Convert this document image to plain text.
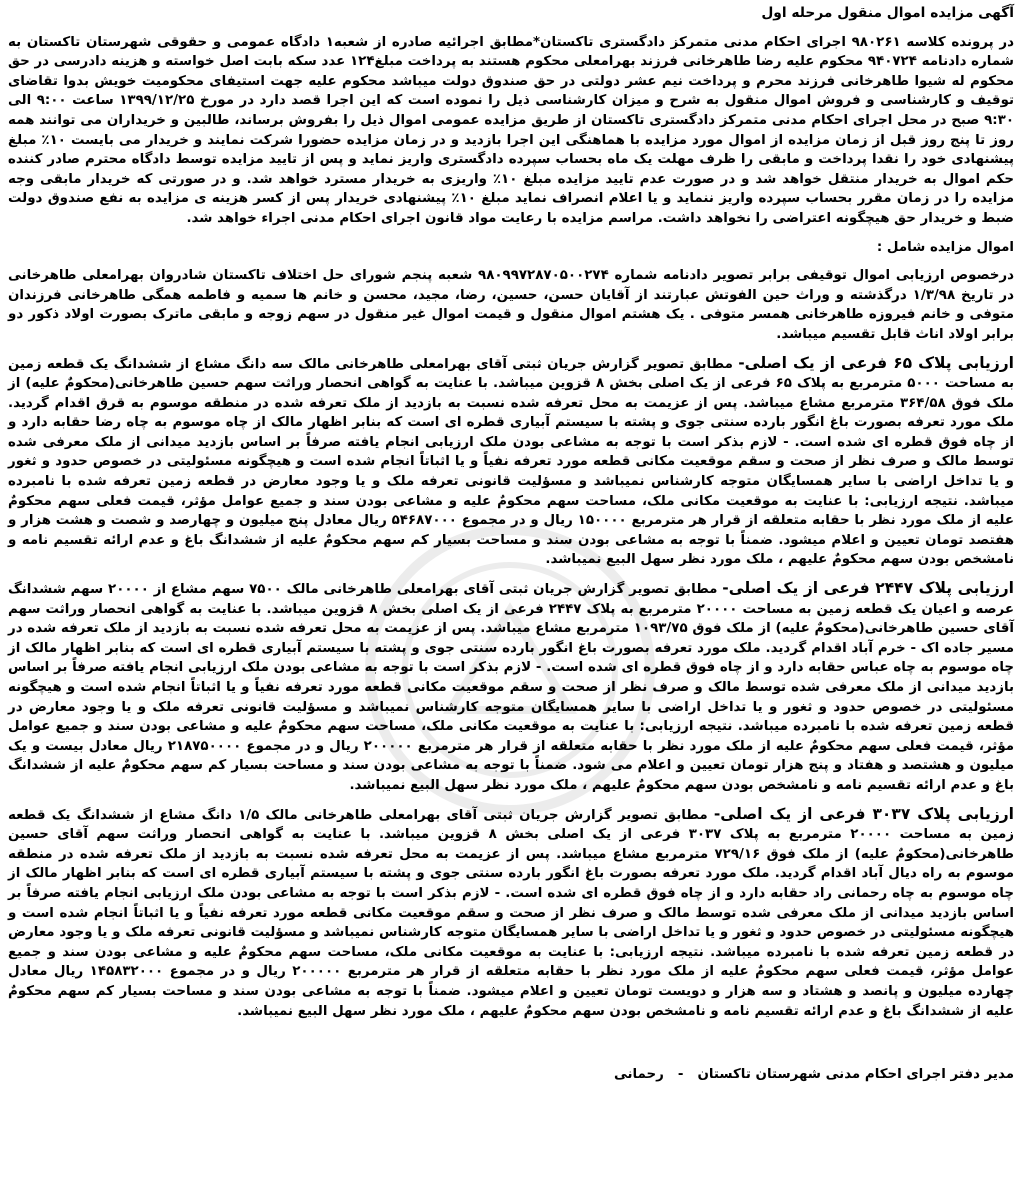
آگهی مزایده اموال منقول مرحله اول
در پرونده کلاسه ۹۸۰۲۶۱ اجرای احکام مدنی متمرکز دادگستری تاکستان*مطابق اجرائیه صادره از شعبه۱ دادگاه عمومی و حقوقی شهرستان تاکستان به شماره دادنامه ۹۴۰۷۲۴ محکوم علیه رضا طاهرخانی فرزند بهرامعلی محکوم هستند به پرداخت مبلغ۱۲۴ عدد سکه بابت اصل خواسته و هزینه دادرسی در حق محکوم له شیوا طاهرخانی فرزند محرم و پرداخت نیم عشر دولتی در حق صندوق دولت میباشد محکوم علیه جهت استیفای محکومیت خویش بدوا تقاضای توقیف و کارشناسی و فروش اموال منقول به شرح و میزان کارشناسی ذیل را نموده است که این اجرا قصد دارد در مورخ ۱۳۹۹/۱۲/۲۵ ساعت ۹:۰۰ الی ۹:۳۰ صبح در محل اجرای احکام مدنی متمرکز دادگستری تاکستان از طریق مزایده عمومی اموال ذیل را بفروش برساند، طالبین و خریداران می توانند همه روز تا پنج روز قبل از زمان مزایده از اموال مورد مزایده با هماهنگی این اجرا بازدید و در زمان مزایده حضورا شرکت نمایند و خریدار می بایست ۱۰٪ مبلغ پیشنهادی خود را نقدا پرداخت و مابقی را ظرف مهلت یک ماه بحساب سپرده دادگستری واریز نماید و پس از تایید مزایده توسط دادگاه محترم صادر کننده حکم اموال به خریدار منتقل خواهد شد و در صورت عدم تایید مزایده مبلغ ۱۰٪ واریزی به خریدار مسترد خواهد شد. و در صورتی که خریدار مابقی وجه مزایده را در زمان مقرر بحساب سپرده واریز ننماید و یا اعلام انصراف نماید مبلغ ۱۰٪ پیشنهادی خریدار پس از کسر هزینه ی مزایده به نفع صندوق دولت ضبط و خریدار حق هیچگونه اعتراضی را نخواهد داشت. مراسم مزایده با رعایت مواد قانون اجرای احکام مدنی اجراء خواهد شد.
اموال مزایده شامل :
درخصوص ارزیابی اموال توقیفی برابر تصویر دادنامه شماره ۹۸۰۹۹۷۲۸۷۰۵۰۰۲۷۴ شعبه پنجم شورای حل اختلاف تاکستان شادروان بهرامعلی طاهرخانی در تاریخ ۱/۳/۹۸ درگذشته و وراث حین الفوتش عبارتند از آقایان حسن، حسین، رضا، مجید، محسن و خانم ها سمیه و فاطمه همگی طاهرخانی فرزندان متوفی و خانم فیروزه طاهرخانی همسر متوفی . یک هشتم اموال منقول و قیمت اموال غیر منقول در سهم زوجه و مابقی ماترک بصورت اولاد ذکور دو برابر اولاد اناث قابل تقسیم میباشد.
ارزیابی پلاک ۶۵ فرعی از یک اصلی- مطابق تصویر گزارش جریان ثبتی آقای بهرامعلی طاهرخانی مالک سه دانگ مشاع از ششدانگ یک قطعه زمین به مساحت ۵۰۰۰ مترمربع به پلاک ۶۵ فرعی از یک اصلی بخش ۸ قزوین میباشد. با عنایت به گواهی انحصار وراثت سهم حسین طاهرخانی(محکومٌ علیه) از ملک فوق ۳۶۴/۵۸ مترمربع مشاع میباشد. پس از عزیمت به محل تعرفه شده نسبت به بازدید از ملک تعرفه شده در منطقه موسوم به قرق اقدام گردید. ملک مورد تعرفه بصورت باغ انگور بارده سنتی جوی و پشته با سیستم آبیاری قطره ای است که بنابر اظهار مالک از چاه موسوم به چاه رضا حقابه دارد و از چاه فوق قطره ای شده است. - لازم بذکر است با توجه به مشاعی بودن ملک ارزیابی انجام یافته صرفاً بر اساس بازدید میدانی از ملک معرفی شده توسط مالک و صرف نظر از صحت و سقم موقعیت مکانی قطعه مورد تعرفه نفیاً و یا اثباتاً انجام شده است و هیچگونه مسئولیتی در خصوص حدود و ثغور و یا تداخل اراضی با سایر همسایگان متوجه کارشناس نمیباشد و مسؤلیت قانونی تعرفه ملک و یا وجود معارض در قطعه زمین تعرفه شده با نامبرده میباشد. نتیجه ارزیابی: با عنایت به موقعیت مکانی ملک، مساحت سهم محکومٌ علیه و مشاعی بودن سند و جمیع عوامل مؤثر، قیمت فعلی سهم محکومٌ علیه از ملک مورد نظر با حقابه متعلقه از قرار هر مترمربع ۱۵۰۰۰۰ ریال و در مجموع ۵۴۶۸۷۰۰۰ ریال معادل پنج میلیون و چهارصد و شصت و هشت هزار و هفتصد تومان تعیین و اعلام میشود. ضمناً با توجه به مشاعی بودن سند و مساحت بسیار کم سهم محکومٌ علیه از ششدانگ باغ و عدم ارائه تقسیم نامه و نامشخص بودن سهم محکومٌ علیهم ، ملک مورد نظر سهل البیع نمیباشد.
ارزیابی پلاک ۲۴۴۷ فرعی از یک اصلی- مطابق تصویر گزارش جریان ثبتی آقای بهرامعلی طاهرخانی مالک ۷۵۰۰ سهم مشاع از ۲۰۰۰۰ سهم ششدانگ عرصه و اعیان یک قطعه زمین به مساحت ۲۰۰۰۰ مترمربع به پلاک ۲۴۴۷ فرعی از یک اصلی بخش ۸ قزوین میباشد. با عنایت به گواهی انحصار وراثت سهم آقای حسین طاهرخانی(محکومٌ علیه) از ملک فوق ۱۰۹۳/۷۵ مترمربع مشاع میباشد. پس از عزیمت به محل تعرفه شده نسبت به بازدید از ملک تعرفه شده در مسیر جاده اک - خرم آباد اقدام گردید. ملک مورد تعرفه بصورت باغ انگور بارده سنتی جوی و پشته با سیستم آبیاری قطره ای است که بنابر اظهار مالک از چاه موسوم به چاه عباس حقابه دارد و از چاه فوق قطره ای شده است. - لازم بذکر است با توجه به مشاعی بودن ملک ارزیابی انجام یافته صرفاً بر اساس بازدید میدانی از ملک معرفی شده توسط مالک و صرف نظر از صحت و سقم موقعیت مکانی قطعه مورد تعرفه نفیاً و یا اثباتاً انجام شده است و هیچگونه مسئولیتی در خصوص حدود و ثغور و یا تداخل اراضی با سایر همسایگان متوجه کارشناس نمیباشد و مسؤلیت قانونی تعرفه ملک و یا وجود معارض در قطعه زمین تعرفه شده با نامبرده میباشد. نتیجه ارزیابی: با عنایت به موقعیت مکانی ملک، مساحت سهم محکومٌ علیه و مشاعی بودن سند و جمیع عوامل مؤثر، قیمت فعلی سهم محکومٌ علیه از ملک مورد نظر با حقابه متعلقه از قرار هر مترمربع ۲۰۰۰۰۰ ریال و در مجموع ۲۱۸۷۵۰۰۰۰ ریال معادل بیست و یک میلیون و هشتصد و هفتاد و پنج هزار تومان تعیین و اعلام می شود. ضمناً با توجه به مشاعی بودن سند و مساحت بسیار کم سهم محکومٌ علیه از ششدانگ باغ و عدم ارائه تقسیم نامه و نامشخص بودن سهم محکومٌ علیهم ، ملک مورد نظر سهل البیع نمیباشد.
ارزیابی پلاک ۳۰۳۷ فرعی از یک اصلی- مطابق تصویر گزارش جریان ثبتی آقای بهرامعلی طاهرخانی مالک ۱/۵ دانگ مشاع از ششدانگ یک قطعه زمین به مساحت ۲۰۰۰۰ مترمربع به پلاک ۳۰۳۷ فرعی از یک اصلی بخش ۸ قزوین میباشد. با عنایت به گواهی انحصار وراثت سهم آقای حسین طاهرخانی(محکومٌ علیه) از ملک فوق ۷۲۹/۱۶ مترمربع مشاع میباشد. پس از عزیمت به محل تعرفه شده نسبت به بازدید از ملک تعرفه شده در منطقه موسوم به راه دیال آباد اقدام گردید. ملک مورد تعرفه بصورت باغ انگور بارده سنتی جوی و پشته با سیستم آبیاری قطره ای است که بنابر اظهار مالک از چاه موسوم به چاه رحمانی راد حقابه دارد و از چاه فوق قطره ای شده است. - لازم بذکر است با توجه به مشاعی بودن ملک ارزیابی انجام یافته صرفاً بر اساس بازدید میدانی از ملک معرفی شده توسط مالک و صرف نظر از صحت و سقم موقعیت مکانی قطعه مورد تعرفه نفیاً و یا اثباتاً انجام شده است و هیچگونه مسئولیتی در خصوص حدود و ثغور و یا تداخل اراضی با سایر همسایگان متوجه کارشناس نمیباشد و مسؤلیت قانونی تعرفه ملک و یا وجود معارض در قطعه زمین تعرفه شده با نامبرده میباشد. نتیجه ارزیابی: با عنایت به موقعیت مکانی ملک، مساحت سهم محکومٌ علیه و مشاعی بودن سند و جمیع عوامل مؤثر، قیمت فعلی سهم محکومٌ علیه از ملک مورد نظر با حقابه متعلقه از قرار هر مترمربع ۲۰۰۰۰۰ ریال و در مجموع ۱۴۵۸۳۲۰۰۰ ریال معادل چهارده میلیون و پانصد و هشتاد و سه هزار و دویست تومان تعیین و اعلام میشود. ضمناً با توجه به مشاعی بودن سند و مساحت بسیار کم سهم محکومٌ علیه از ششدانگ باغ و عدم ارائه تقسیم نامه و نامشخص بودن سهم محکومٌ علیهم ، ملک مورد نظر سهل البیع نمیباشد.
مدیر دفتر اجرای احکام مدنی شهرستان تاکستان   -   رحمانی
